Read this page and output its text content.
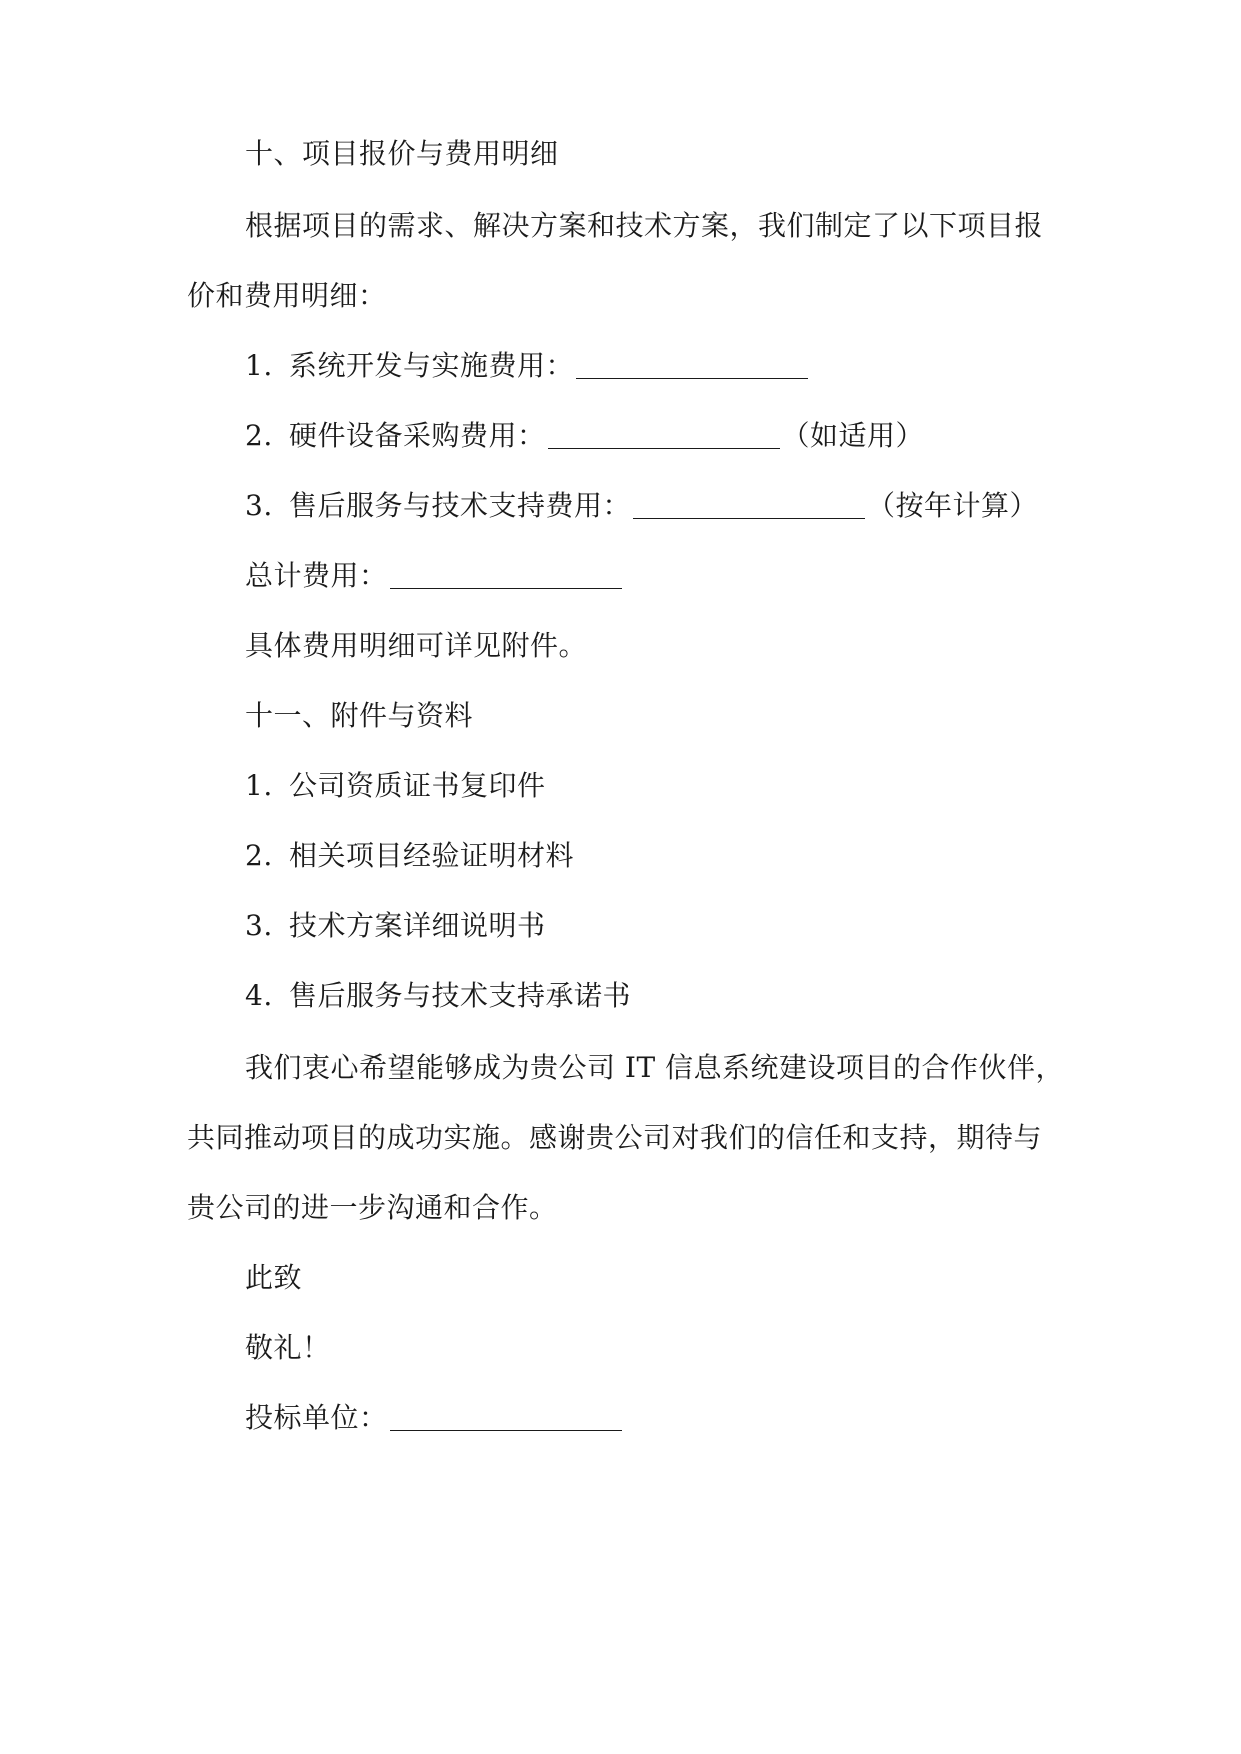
十、项目报价与费用明细
根据项目的需求、解决方案和技术方案，我们制定了以下项目报
价和费用明细：
1. 系统开发与实施费用：
2. 硬件设备采购费用：	（如适用）
3. 售后服务与技术支持费用：	（按年计算）
总计费用：
具体费用明细可详见附件。
十一、附件与资料
1. 公司资质证书复印件
2. 相关项目经验证明材料
3. 技术方案详细说明书
4. 售后服务与技术支持承诺书
我们衷心希望能够成为贵公司 IT 信息系统建设项目的合作伙伴，
共同推动项目的成功实施。感谢贵公司对我们的信任和支持，期待与
贵公司的进一步沟通和合作。
此致
敬礼！
投标单位：
